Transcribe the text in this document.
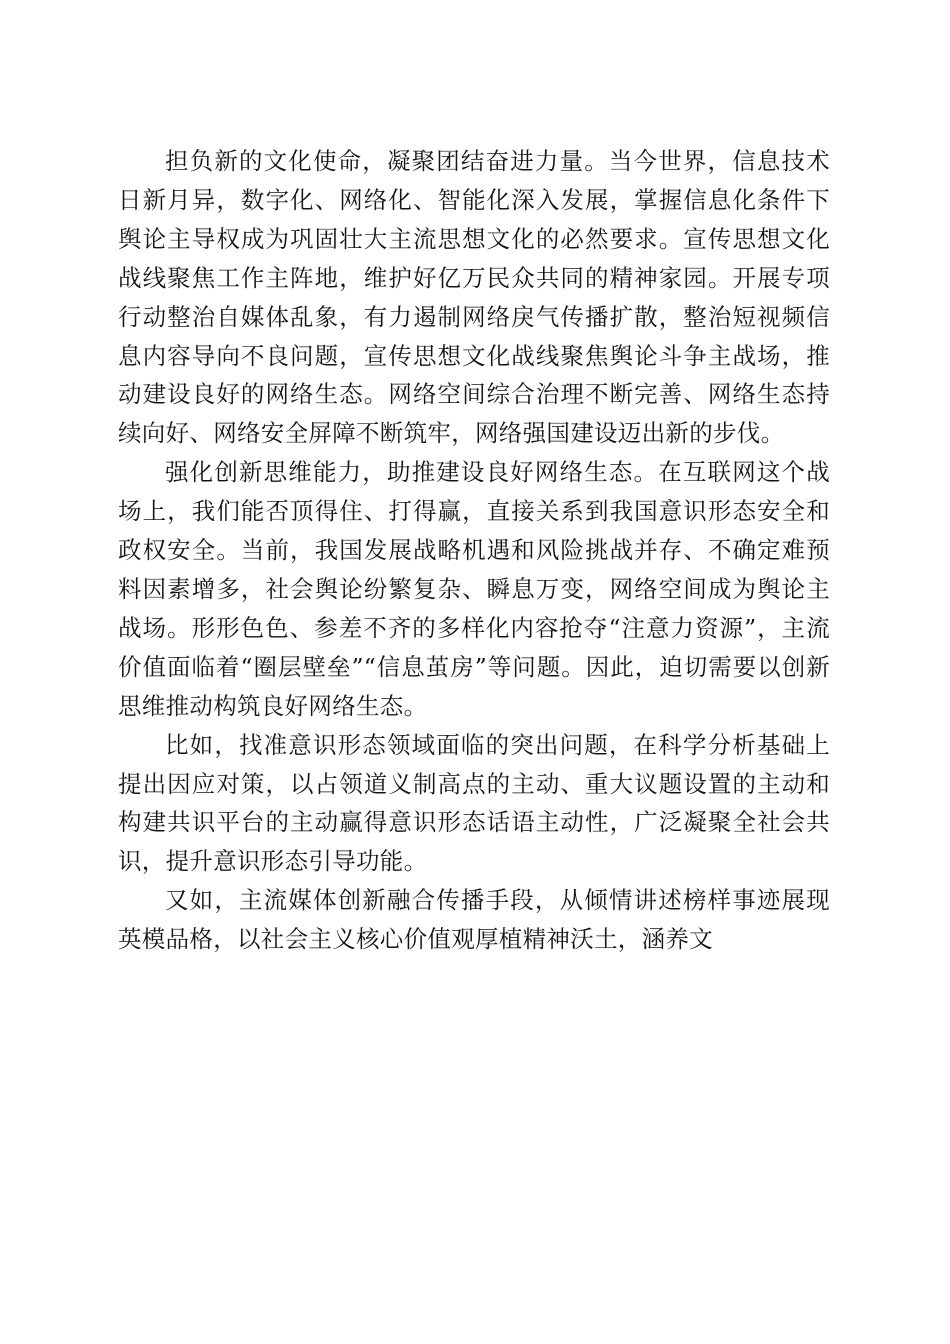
担负新的文化使命，凝聚团结奋进力量。当今世界，信息技术日新月异，数字化、网络化、智能化深入发展，掌握信息化条件下舆论主导权成为巩固壮大主流思想文化的必然要求。宣传思想文化战线聚焦工作主阵地，维护好亿万民众共同的精神家园。开展专项行动整治自媒体乱象，有力遏制网络戾气传播扩散，整治短视频信息内容导向不良问题，宣传思想文化战线聚焦舆论斗争主战场，推动建设良好的网络生态。网络空间综合治理不断完善、网络生态持续向好、网络安全屏障不断筑牢，网络强国建设迈出新的步伐。

强化创新思维能力，助推建设良好网络生态。在互联网这个战场上，我们能否顶得住、打得赢，直接关系到我国意识形态安全和政权安全。当前，我国发展战略机遇和风险挑战并存、不确定难预料因素增多，社会舆论纷繁复杂、瞬息万变，网络空间成为舆论主战场。形形色色、参差不齐的多样化内容抢夺“注意力资源”，主流价值面临着“圈层壁垒”“信息茧房”等问题。因此，迫切需要以创新思维推动构筑良好网络生态。

比如，找准意识形态领域面临的突出问题，在科学分析基础上提出因应对策，以占领道义制高点的主动、重大议题设置的主动和构建共识平台的主动赢得意识形态话语主动性，广泛凝聚全社会共识，提升意识形态引导功能。

又如，主流媒体创新融合传播手段，从倾情讲述榜样事迹展现英模品格，以社会主义核心价值观厚植精神沃土，涵养文
